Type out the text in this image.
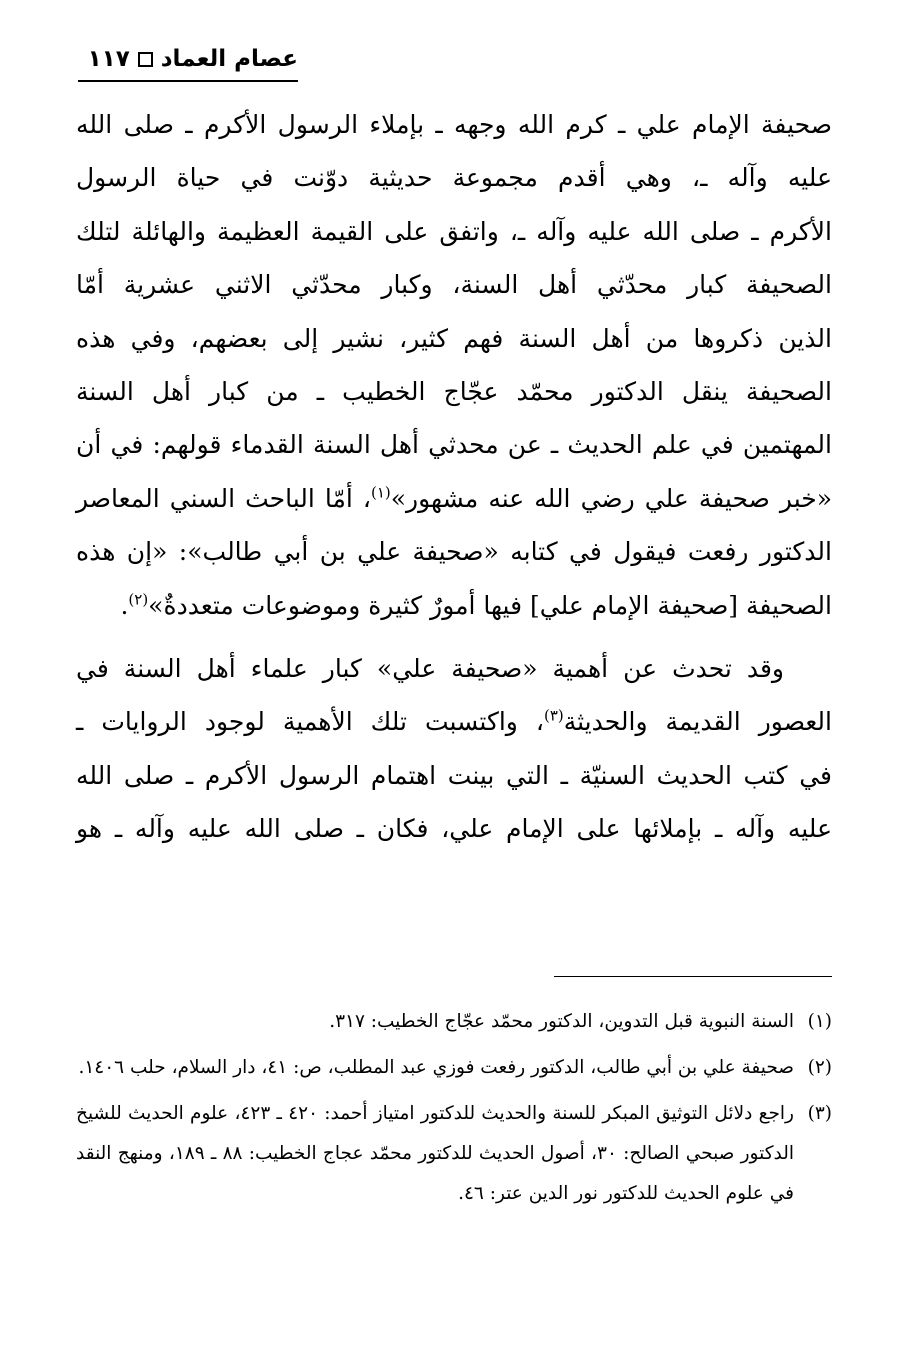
عصام العماد
١١٧

صحيفة الإمام علي ـ كرم الله وجهه ـ بإملاء الرسول الأكرم ـ صلى الله

عليه وآله ـ، وهي أقدم مجموعة حديثية دوّنت في حياة الرسول

الأكرم ـ صلى الله عليه وآله ـ، واتفق على القيمة العظيمة والهائلة لتلك

الصحيفة كبار محدّثي أهل السنة، وكبار محدّثي الاثني عشرية أمّا

الذين ذكروها من أهل السنة فهم كثير، نشير إلى بعضهم، وفي هذه

الصحيفة ينقل الدكتور محمّد عجّاج الخطيب ـ من كبار أهل السنة

المهتمين في علم الحديث ـ عن محدثي أهل السنة القدماء قولهم: في أن

«خبر صحيفة علي رضي الله عنه مشهور»$^{(١)}$، أمّا الباحث السني المعاصر

الدكتور رفعت فيقول في كتابه «صحيفة علي بن أبي طالب»: «إن هذه

الصحيفة [صحيفة الإمام علي] فيها أمورٌ كثيرة وموضوعات متعددةٌ»$^{(٢)}$.

وقد تحدث عن أهمية «صحيفة علي» كبار علماء أهل السنة في

العصور القديمة والحديثة$^{(٣)}$، واكتسبت تلك الأهمية لوجود الروايات ـ

في كتب الحديث السنيّة ـ التي بينت اهتمام الرسول الأكرم ـ صلى الله

عليه وآله ـ بإملائها على الإمام علي، فكان ـ صلى الله عليه وآله ـ هو

(١)
السنة النبوية قبل التدوين، الدكتور محمّد عجّاج الخطيب: ٣١٧.
(٢)
صحيفة علي بن أبي طالب، الدكتور رفعت فوزي عبد المطلب، ص: ٤١، دار السلام، حلب ١٤٠٦.
(٣)
راجع دلائل التوثيق المبكر للسنة والحديث للدكتور امتياز أحمد: ٤٢٠ ـ ٤٢٣، علوم الحديث للشيخ الدكتور صبحي الصالح: ٣٠، أصول الحديث للدكتور محمّد عجاج الخطيب: ٨٨ ـ ١٨٩، ومنهج النقد في علوم الحديث للدكتور نور الدين عتر: ٤٦.
